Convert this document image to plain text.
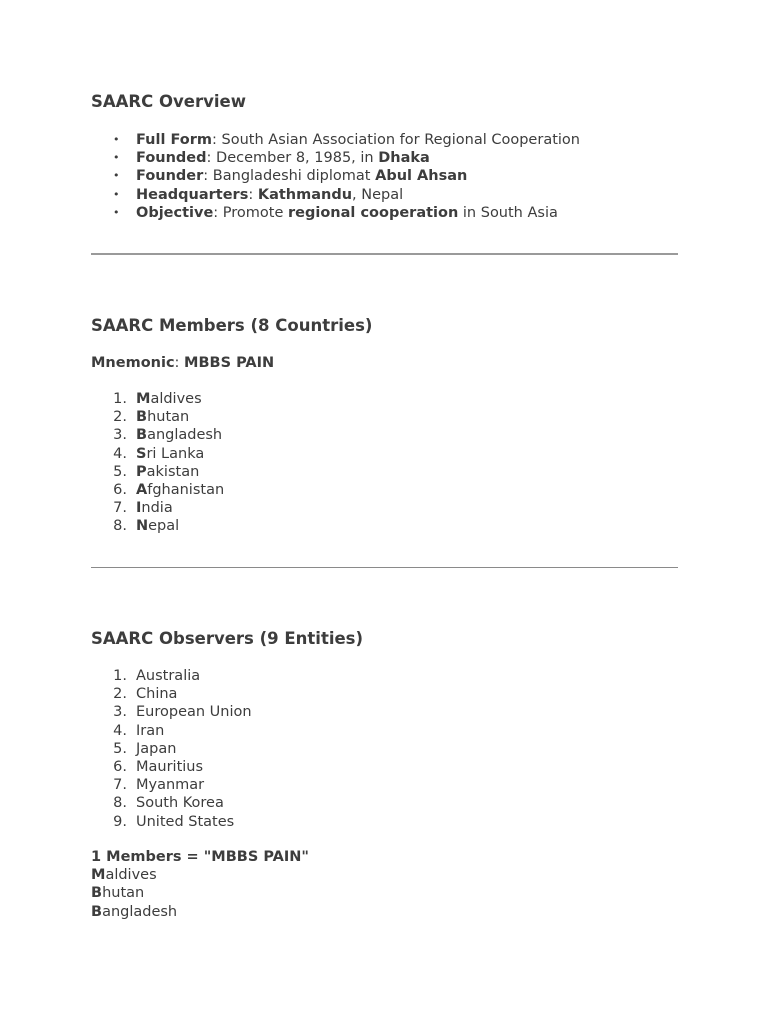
SAARC Overview
• Full Form: South Asian Association for Regional Cooperation
• Founded: December 8, 1985, in Dhaka
• Founder: Bangladeshi diplomat Abul Ahsan
• Headquarters: Kathmandu, Nepal
• Objective: Promote regional cooperation in South Asia
SAARC Members (8 Countries)
Mnemonic: MBBS PAIN
1. Maldives
2. Bhutan
3. Bangladesh
4. Sri Lanka
5. Pakistan
6. Afghanistan
7. India
8. Nepal
SAARC Observers (9 Entities)
1. Australia
2. China
3. European Union
4. Iran
5. Japan
6. Mauritius
7. Myanmar
8. South Korea
9. United States
1 Members = "MBBS PAIN"
Maldives
Bhutan
Bangladesh
